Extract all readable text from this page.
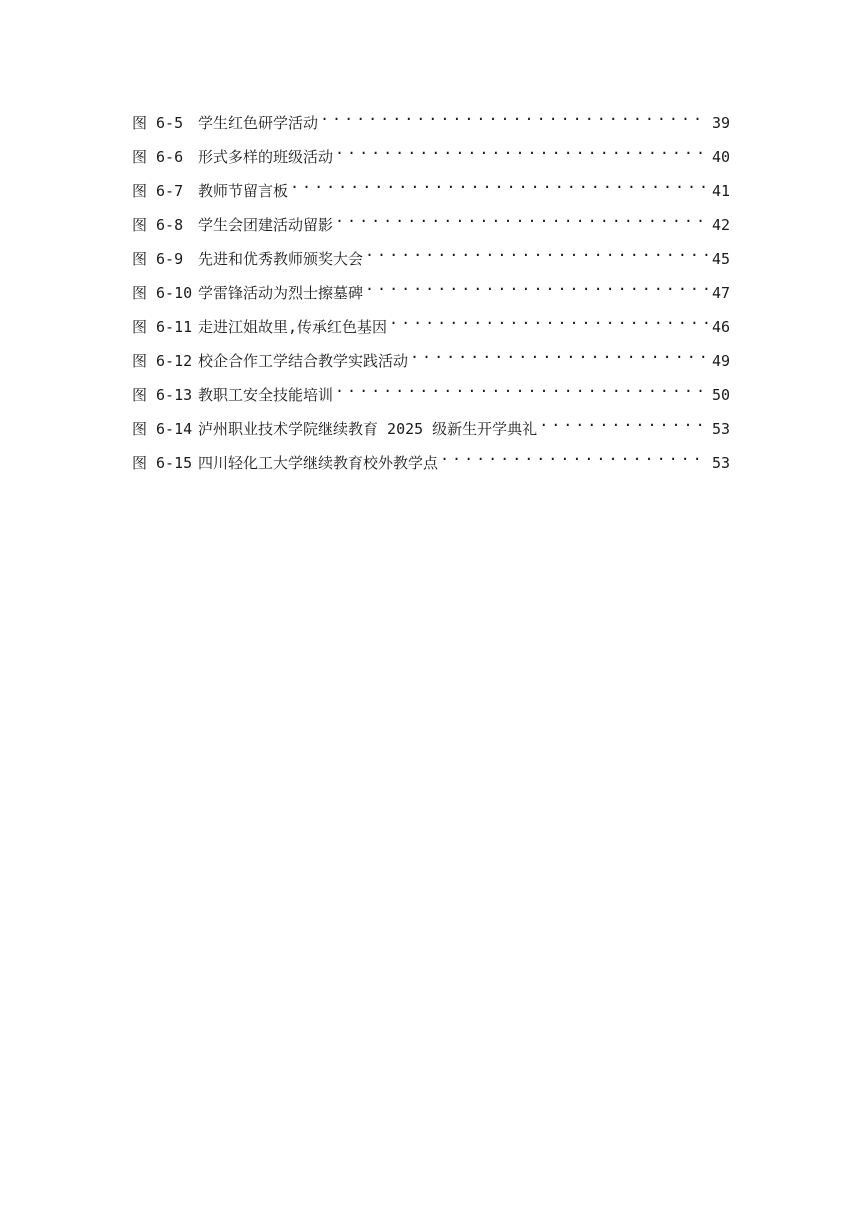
图 6-5 学生红色研学活动 .....	39
图 6-6 形式多样的班级活动 .....	40
图 6-7 教师节留言板 .....	41
图 6-8 学生会团建活动留影 .....	42
图 6-9 先进和优秀教师颁奖大会 .....	45
图 6-10 学雷锋活动为烈士擦墓碑 .....	47
图 6-11 走进江姐故里,传承红色基因 .....	46
图 6-12 校企合作工学结合教学实践活动 .....	49
图 6-13 教职工安全技能培训 .....	50
图 6-14 泸州职业技术学院继续教育 2025 级新生开学典礼 .....	53
图 6-15 四川轻化工大学继续教育校外教学点 .....	53
